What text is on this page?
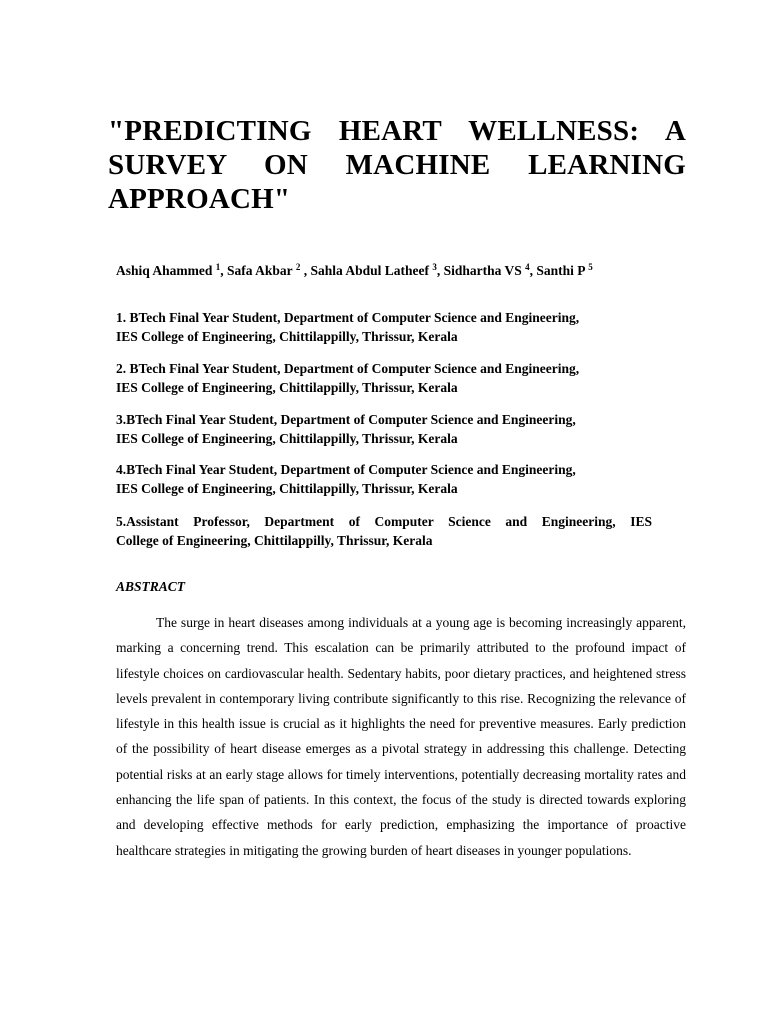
"PREDICTING HEART WELLNESS: A SURVEY ON MACHINE LEARNING APPROACH"

Ashiq Ahammed $^1$, Safa Akbar $^2$ , Sahla Abdul Latheef $^3$, Sidhartha VS $^4$, Santhi P $^5$

1. BTech Final Year Student, Department of Computer Science and Engineering,
IES College of Engineering, Chittilappilly, Thrissur, Kerala

2. BTech Final Year Student, Department of Computer Science and Engineering,
IES College of Engineering, Chittilappilly, Thrissur, Kerala

3.BTech Final Year Student, Department of Computer Science and Engineering,
IES College of Engineering, Chittilappilly, Thrissur, Kerala

4.BTech Final Year Student, Department of Computer Science and Engineering,
IES College of Engineering, Chittilappilly, Thrissur, Kerala

5.Assistant Professor, Department of Computer Science and Engineering, IES
College of Engineering, Chittilappilly, Thrissur, Kerala

ABSTRACT

The surge in heart diseases among individuals at a young age is becoming increasingly apparent, marking a concerning trend. This escalation can be primarily attributed to the profound impact of lifestyle choices on cardiovascular health. Sedentary habits, poor dietary practices, and heightened stress levels prevalent in contemporary living contribute significantly to this rise. Recognizing the relevance of lifestyle in this health issue is crucial as it highlights the need for preventive measures. Early prediction of the possibility of heart disease emerges as a pivotal strategy in addressing this challenge. Detecting potential risks at an early stage allows for timely interventions, potentially decreasing mortality rates and enhancing the life span of patients. In this context, the focus of the study is directed towards exploring and developing effective methods for early prediction, emphasizing the importance of proactive healthcare strategies in mitigating the growing burden of heart diseases in younger populations.
